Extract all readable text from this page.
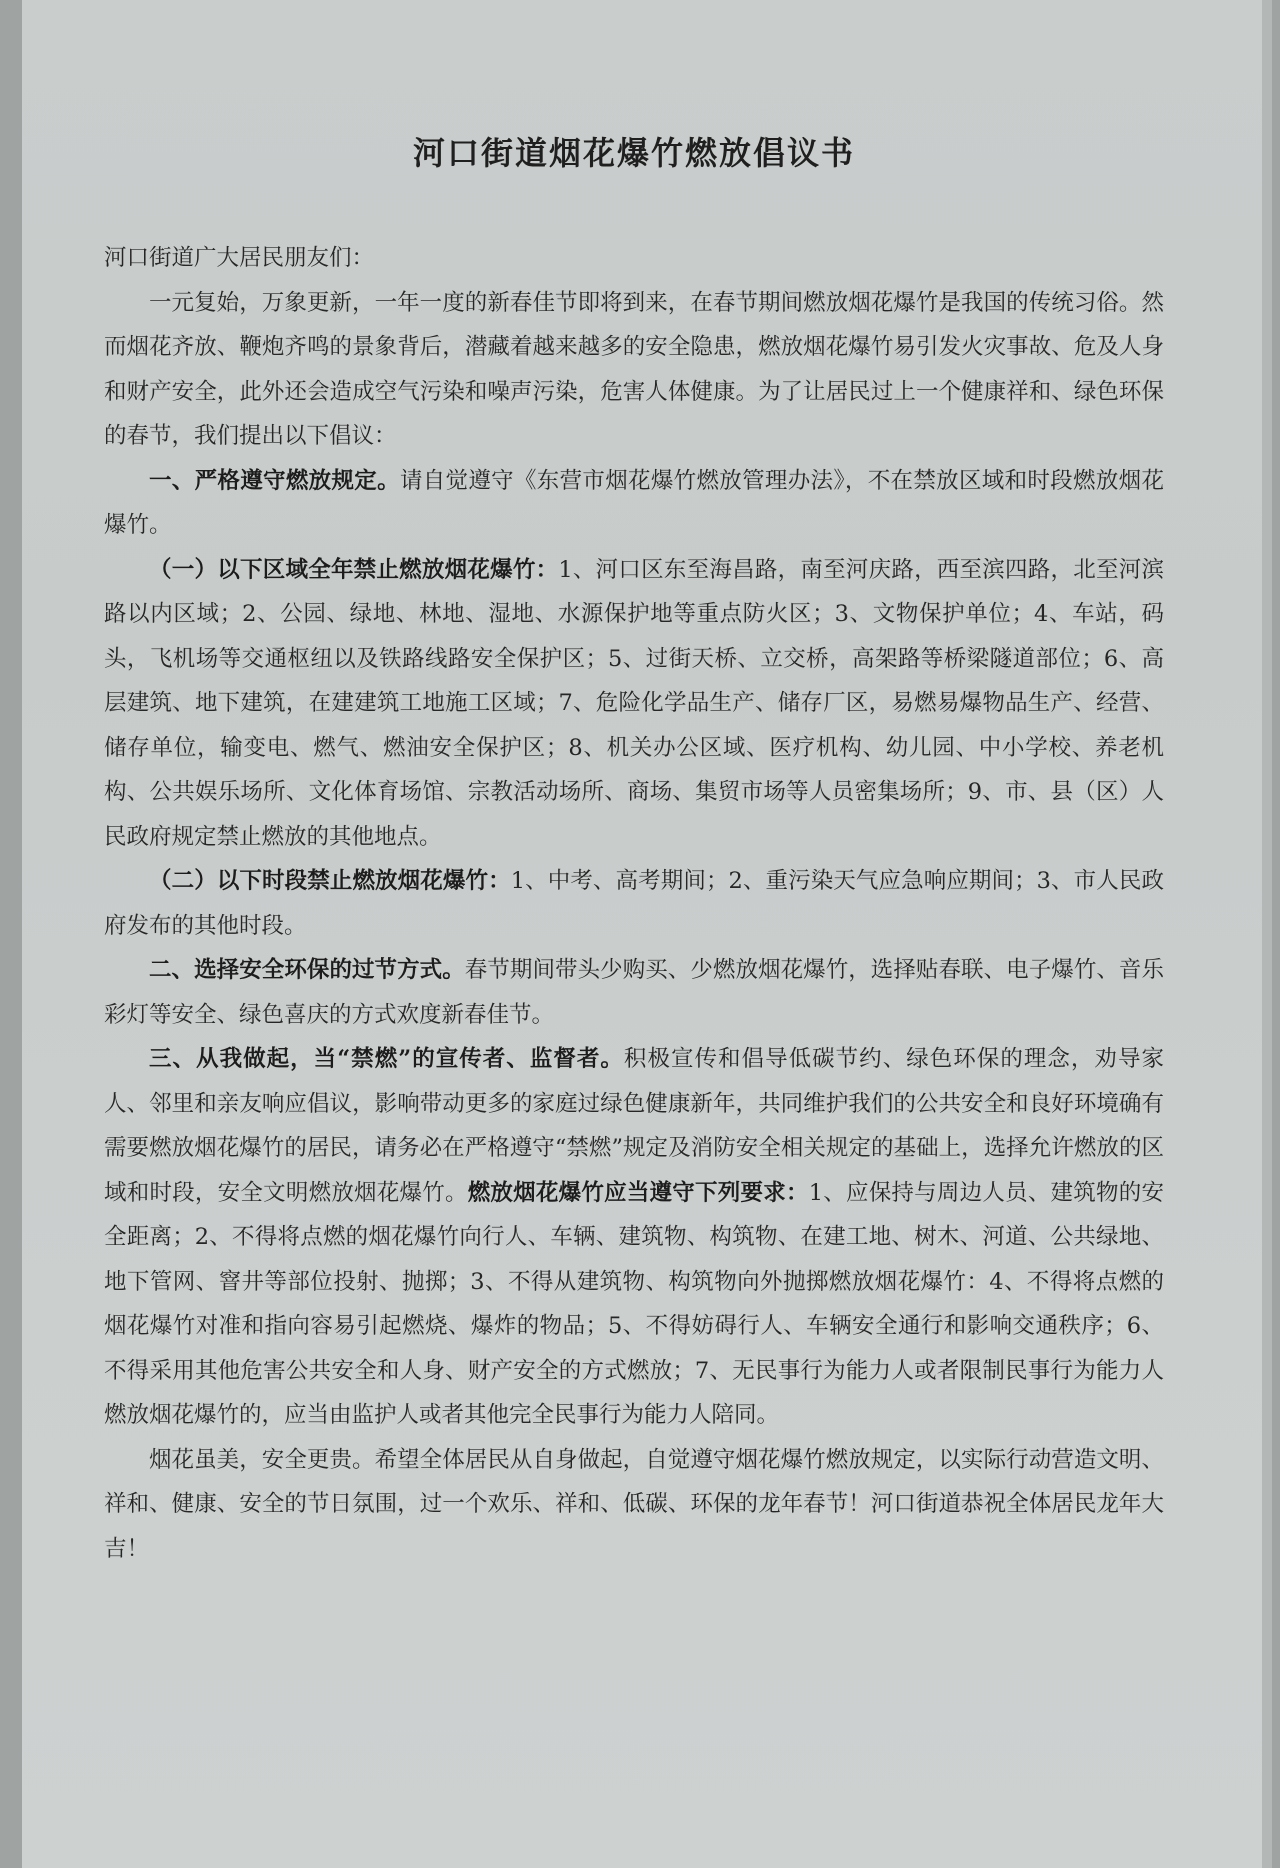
河口街道烟花爆竹燃放倡议书

河口街道广大居民朋友们：

一元复始，万象更新，一年一度的新春佳节即将到来，在春节期间燃放烟花爆竹是我国的传统习俗。然而烟花齐放、鞭炮齐鸣的景象背后，潜藏着越来越多的安全隐患，燃放烟花爆竹易引发火灾事故、危及人身和财产安全，此外还会造成空气污染和噪声污染，危害人体健康。为了让居民过上一个健康祥和、绿色环保的春节，我们提出以下倡议：

一、严格遵守燃放规定。请自觉遵守《东营市烟花爆竹燃放管理办法》，不在禁放区域和时段燃放烟花爆竹。

（一）以下区域全年禁止燃放烟花爆竹：1、河口区东至海昌路，南至河庆路，西至滨四路，北至河滨路以内区域；2、公园、绿地、林地、湿地、水源保护地等重点防火区；3、文物保护单位；4、车站，码头，飞机场等交通枢纽以及铁路线路安全保护区；5、过街天桥、立交桥，高架路等桥梁隧道部位；6、高层建筑、地下建筑，在建建筑工地施工区域；7、危险化学品生产、储存厂区，易燃易爆物品生产、经营、储存单位，输变电、燃气、燃油安全保护区；8、机关办公区域、医疗机构、幼儿园、中小学校、养老机构、公共娱乐场所、文化体育场馆、宗教活动场所、商场、集贸市场等人员密集场所；9、市、县（区）人民政府规定禁止燃放的其他地点。

（二）以下时段禁止燃放烟花爆竹：1、中考、高考期间；2、重污染天气应急响应期间；3、市人民政府发布的其他时段。

二、选择安全环保的过节方式。春节期间带头少购买、少燃放烟花爆竹，选择贴春联、电子爆竹、音乐彩灯等安全、绿色喜庆的方式欢度新春佳节。

三、从我做起，当“禁燃”的宣传者、监督者。积极宣传和倡导低碳节约、绿色环保的理念，劝导家人、邻里和亲友响应倡议，影响带动更多的家庭过绿色健康新年，共同维护我们的公共安全和良好环境确有需要燃放烟花爆竹的居民，请务必在严格遵守“禁燃”规定及消防安全相关规定的基础上，选择允许燃放的区域和时段，安全文明燃放烟花爆竹。燃放烟花爆竹应当遵守下列要求：1、应保持与周边人员、建筑物的安全距离；2、不得将点燃的烟花爆竹向行人、车辆、建筑物、构筑物、在建工地、树木、河道、公共绿地、地下管网、窨井等部位投射、抛掷；3、不得从建筑物、构筑物向外抛掷燃放烟花爆竹：4、不得将点燃的烟花爆竹对准和指向容易引起燃烧、爆炸的物品；5、不得妨碍行人、车辆安全通行和影响交通秩序；6、不得采用其他危害公共安全和人身、财产安全的方式燃放；7、无民事行为能力人或者限制民事行为能力人燃放烟花爆竹的，应当由监护人或者其他完全民事行为能力人陪同。

烟花虽美，安全更贵。希望全体居民从自身做起，自觉遵守烟花爆竹燃放规定，以实际行动营造文明、祥和、健康、安全的节日氛围，过一个欢乐、祥和、低碳、环保的龙年春节！河口街道恭祝全体居民龙年大吉！
